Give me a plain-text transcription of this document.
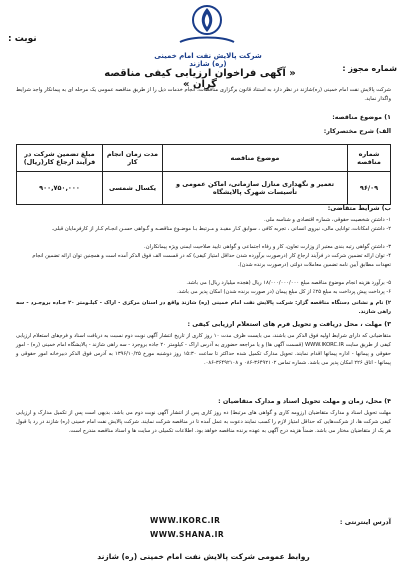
نوبت :
شماره مجوز :
شرکت پالایش نفت امام خمینی (ره) شازند
« آگهی فراخوان ارزیابی کیفی مناقصه گران »
شرکت پالایش نفت امام خمینی (ره)شازند در نظر دارد به استناد قانون برگزاری مناقصات، انجام خدمات ذیل را از طریق مناقصه عمومی یک مرحله ای به پیمانکار واجد شرایط واگذار نماید.
۱) موضوع مناقصه:
الف) شرح مختصرکار:
شماره مناقصه	موضوع مناقصه	مدت زمان انجام کار	مبلغ تضمین شرکت در فرآیند ارجاع کار(ریال)
۹۶/۰۹	تعمیر و نگهداری منازل سازمانی، اماکن عمومی و تأسیسات شهرک پالایشگاه	یکسال شمسی	۹۰۰,۷۵۰,۰۰۰
ب) شرایط متقاضی:
۱- داشتن شخصیت حقوقی، شماره اقتصادی و شناسه ملی.
۲- داشتن امکانات، توانایی مالی، نیروی انسانی ، تجربه کافی ، سوابق کـار مفیـد و مـرتبط بـا موضـوع مناقصـه و گـواهی حسـن انجـام کـار از کارفرمایان قبلی.
۳- داشتن گواهی رتبه بندی معتبر از وزارت تعاون، کار و رفاه اجتماعی و گواهی تایید صلاحیت ایمنی ویژه پیمانکاران.
۴- توان ارائه تضمین شرکت در فرآیند ارجاع کار (درصورت برآورده شدن حداقل امتیاز کیفی) که در قسمت الف فوق الذکر آمده است و همچنین توان ارائه تضمین انجام تعهدات مطابق آیین نامه تضمین معاملات دولتی (درصورت برنده شدن).
۵- برآورد هزینه انجام موضوع مناقصه مبلغ ۱۸/۰۰۰/۰۰۰/۰۰۰ ریال (هجده میلیارد ریال) می باشد.
۶- پرداخت پیش پرداخت به مبلغ ۲۵٪ از کل مبلغ پیمان (در صورت برنده شدن) امکان پذیر می باشد.
۲) نام و نشانی دستگاه مناقصه گزار: شرکت پالایش نفت امام خمینی (ره) شازند واقع در استان مرکزی - اراک - کیلـومتر ۲۰ جـاده بروجـرد - سه راهی شازند.
۳) مهلت ، محل دریافت و تحویل فرم های استعلام ارزیابی کیفی :
متقاضیانی که دارای شرایط اولیه فوق الذکر می باشند، می بایست ظرف مدت ۱۰ روز کاری از تاریخ انتشار آگهی نوبت دوم نسبت به دریافت اسناد و فرم‌های استعلام ارزیابی کیفی از طریق سایت WWW.IKORC.IR (قسمت آگهی ها) و یا مراجعه حضوری به آدرس اراک - کیلومتر ۲۰ جاده بروجرد - سه راهی شازند - پالایشگاه امام خمینی (ره) - امور حقوقی و پیمانها - اداره پیمانها اقدام نمایند. تحویل مدارک تکمیل شده حداکثر تا ساعت ۱۵:۳۰ روز دوشنبه مورخ ۱۳۹۶/۱۰/۲۵ به آدرس فوق الذکر دبیرخانه امور حقوقی و پیمانها - اتاق ۲۲۶ امکان پذیر می باشد. شماره تماس ۳۶۴۹۲۱۰۲-۰۸۶ و ۳۶۴۹۲۱۰۸-۰۸۶.
۴) محل، زمان و مهلت تحویل اسناد و مدارک متقاضیان :
مهلت تحویل اسناد و مدارک متقاضیان (رزومه کاری و گواهی های مرتبط) ده روز کاری پس از انتشار آگهی نوبت دوم می باشد. بدیهی است پس از تکمیل مدارک و ارزیابی کیفی شرکت ها، از شرکت‌هایی که حداقل امتیاز لازم را کسب نمایند دعوت به عمل آمده تا در مناقصه شرکت نمایند. شرکت پالایش نفت امام خمینی (ره) شازند در رد یا قبول هر یک از متقاضیان مختار می باشد. ضمناً هزینه درج آگهی به عهده برنده مناقصه خواهد بود. اطلاعات تکمیلی در سایت ها و اسناد مناقصه مندرج است.
آدرس اینترنتی :
WWW.IKORC.IR
WWW.SHANA.IR
روابط عمومی شرکت پالایش نفت امام خمینی (ره) شازند
